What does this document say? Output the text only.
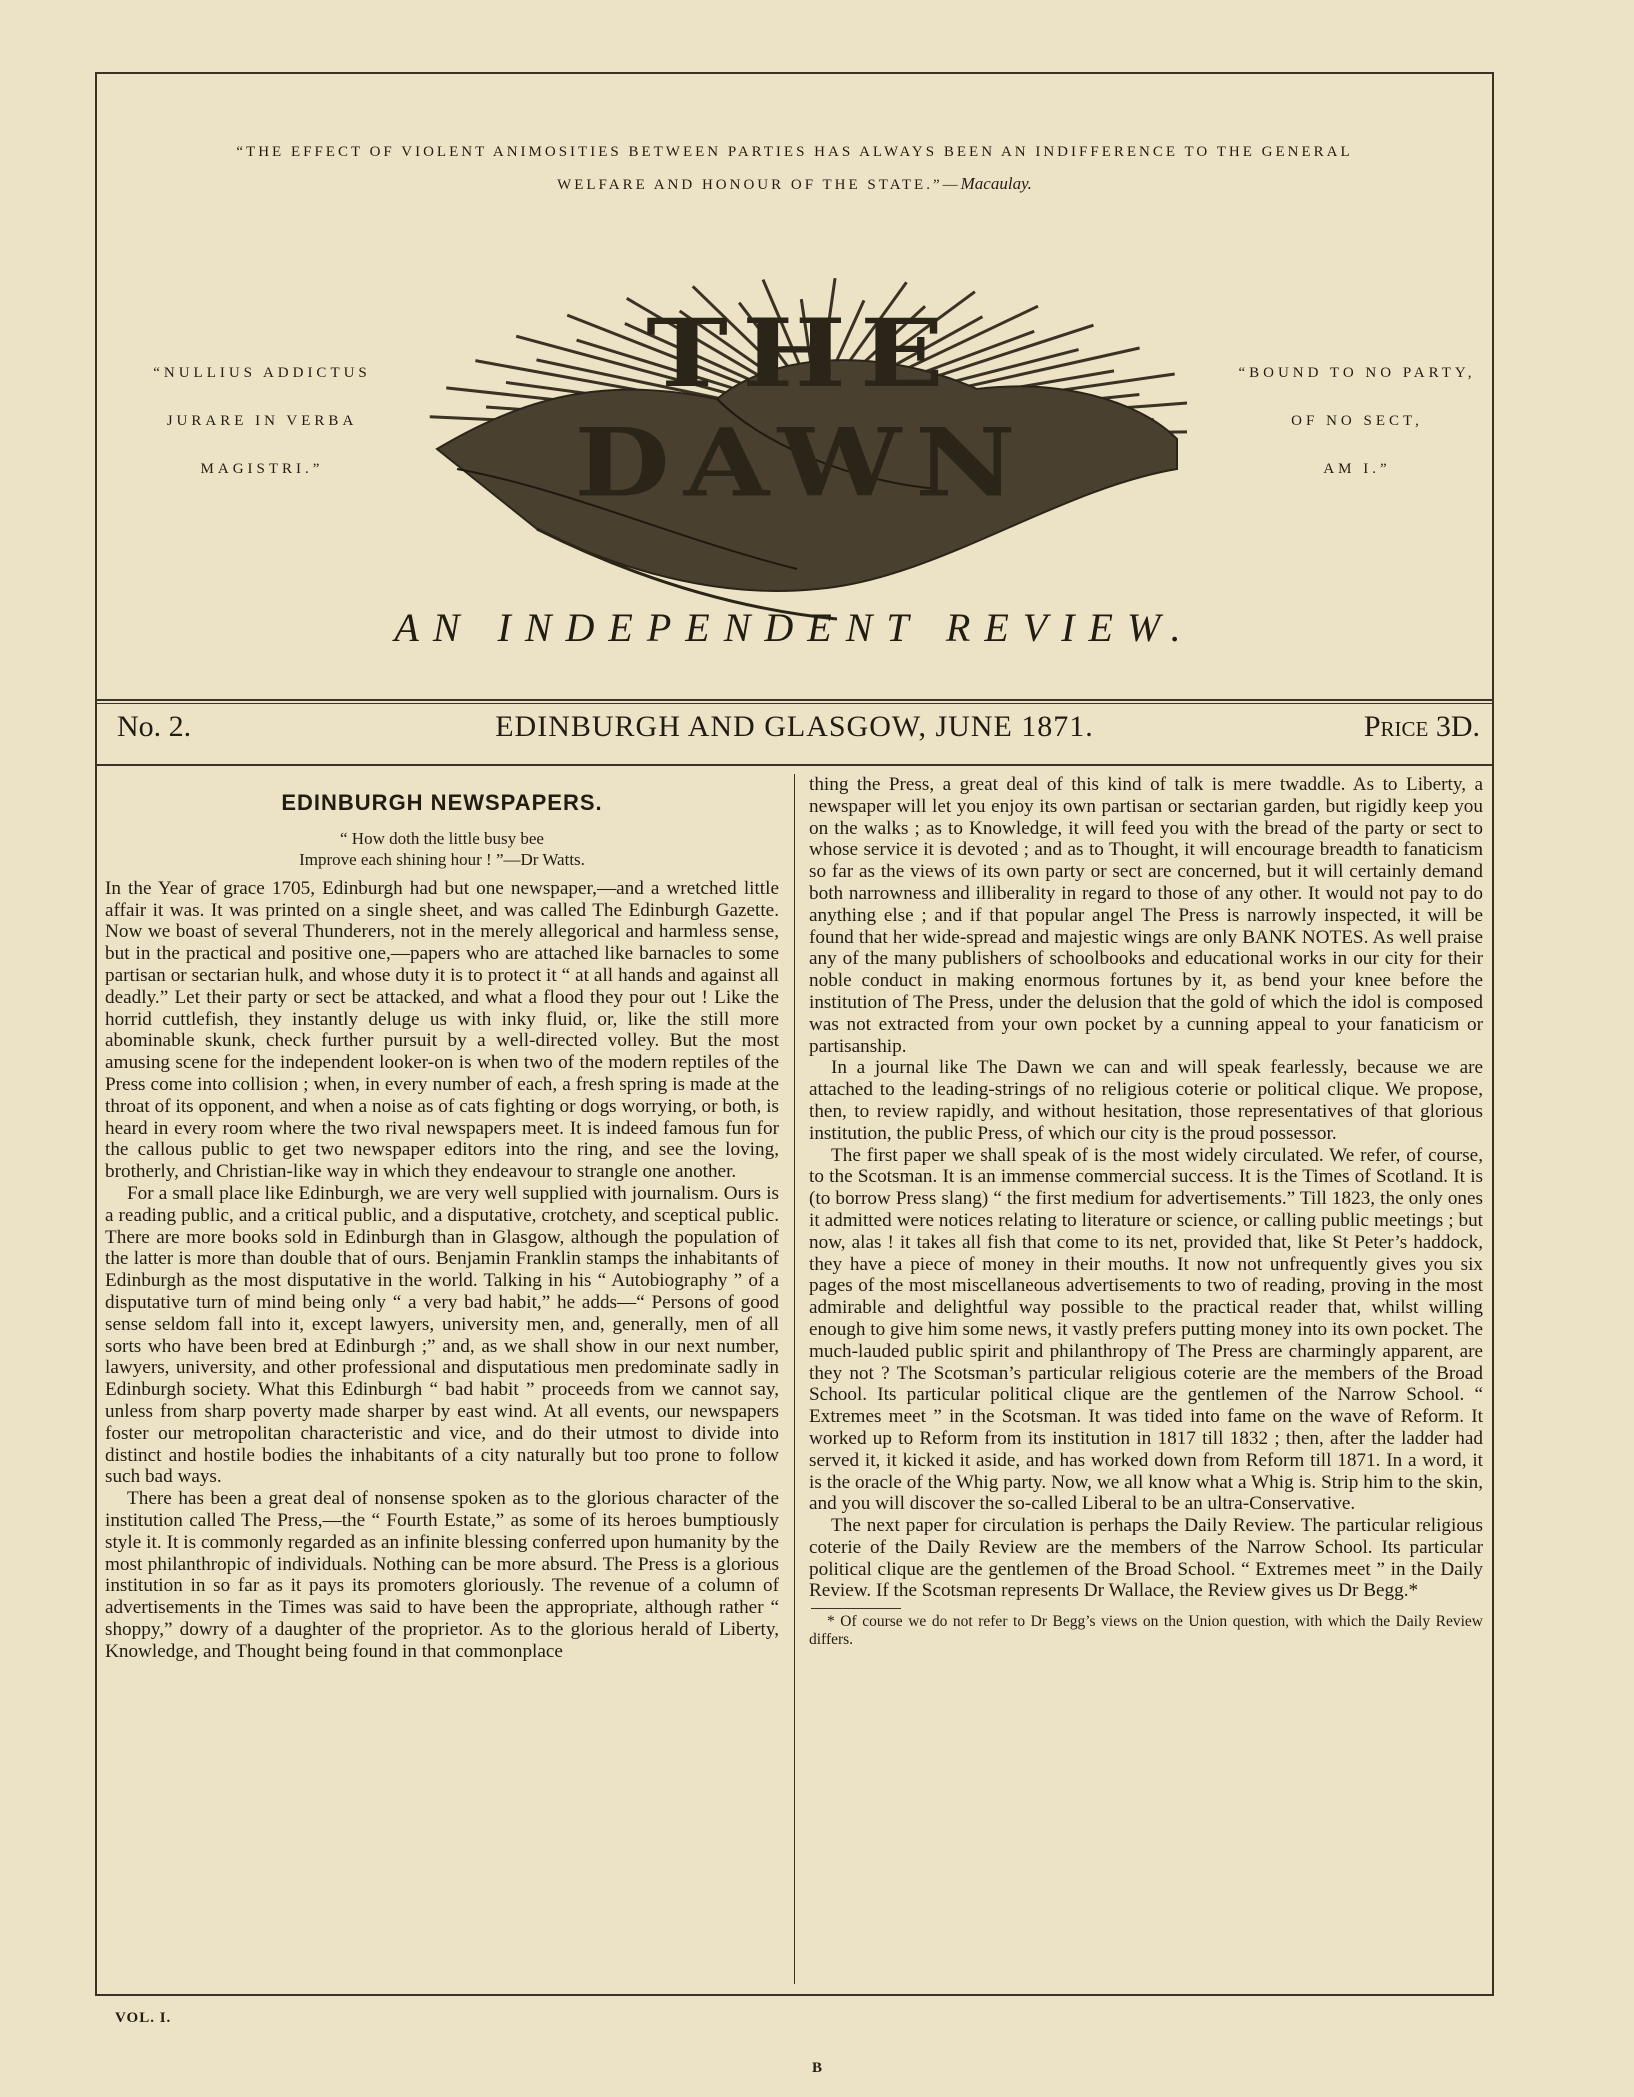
“THE EFFECT OF VIOLENT ANIMOSITIES BETWEEN PARTIES HAS ALWAYS BEEN AN INDIFFERENCE TO THE GENERAL
WELFARE AND HONOUR OF THE STATE.”—Macaulay.
“NULLIUS ADDICTUS
JURARE IN VERBA
MAGISTRI.”
THE DAWN
“BOUND TO NO PARTY,
OF NO SECT,
AM I.”
AN INDEPENDENT REVIEW.
No. 2.	EDINBURGH AND GLASGOW, JUNE 1871.	Price 3D.
EDINBURGH NEWSPAPERS.
“ How doth the little busy bee
Improve each shining hour ! ”—Dr Watts.

In the Year of grace 1705, Edinburgh had but one newspaper,—and a wretched little affair it was. It was printed on a single sheet, and was called The Edinburgh Gazette. Now we boast of several Thunderers, not in the merely allegorical and harmless sense, but in the practical and positive one,—papers who are attached like barnacles to some partisan or sectarian hulk, and whose duty it is to protect it “ at all hands and against all deadly.” Let their party or sect be attacked, and what a flood they pour out ! Like the horrid cuttlefish, they instantly deluge us with inky fluid, or, like the still more abominable skunk, check further pursuit by a well-directed volley. But the most amusing scene for the independent looker-on is when two of the modern reptiles of the Press come into collision ; when, in every number of each, a fresh spring is made at the throat of its opponent, and when a noise as of cats fighting or dogs worrying, or both, is heard in every room where the two rival newspapers meet. It is indeed famous fun for the callous public to get two newspaper editors into the ring, and see the loving, brotherly, and Christian-like way in which they endeavour to strangle one another.

For a small place like Edinburgh, we are very well supplied with journalism. Ours is a reading public, and a critical public, and a disputative, crotchety, and sceptical public. There are more books sold in Edinburgh than in Glasgow, although the population of the latter is more than double that of ours. Benjamin Franklin stamps the inhabitants of Edinburgh as the most disputative in the world. Talking in his “ Autobiography ” of a disputative turn of mind being only “ a very bad habit,” he adds—“ Persons of good sense seldom fall into it, except lawyers, university men, and, generally, men of all sorts who have been bred at Edinburgh ;” and, as we shall show in our next number, lawyers, university, and other professional and disputatious men predominate sadly in Edinburgh society. What this Edinburgh “ bad habit ” proceeds from we cannot say, unless from sharp poverty made sharper by east wind. At all events, our newspapers foster our metropolitan characteristic and vice, and do their utmost to divide into distinct and hostile bodies the inhabitants of a city naturally but too prone to follow such bad ways.

There has been a great deal of nonsense spoken as to the glorious character of the institution called The Press,—the “ Fourth Estate,” as some of its heroes bumptiously style it. It is commonly regarded as an infinite blessing conferred upon humanity by the most philanthropic of individuals. Nothing can be more absurd. The Press is a glorious institution in so far as it pays its promoters gloriously. The revenue of a column of advertisements in the Times was said to have been the appropriate, although rather “ shoppy,” dowry of a daughter of the proprietor. As to the glorious herald of Liberty, Knowledge, and Thought being found in that commonplace

thing the Press, a great deal of this kind of talk is mere twaddle. As to Liberty, a newspaper will let you enjoy its own partisan or sectarian garden, but rigidly keep you on the walks ; as to Knowledge, it will feed you with the bread of the party or sect to whose service it is devoted ; and as to Thought, it will encourage breadth to fanaticism so far as the views of its own party or sect are concerned, but it will certainly demand both narrowness and illiberality in regard to those of any other. It would not pay to do anything else ; and if that popular angel The Press is narrowly inspected, it will be found that her wide-spread and majestic wings are only BANK NOTES. As well praise any of the many publishers of schoolbooks and educational works in our city for their noble conduct in making enormous fortunes by it, as bend your knee before the institution of The Press, under the delusion that the gold of which the idol is composed was not extracted from your own pocket by a cunning appeal to your fanaticism or partisanship.

In a journal like The Dawn we can and will speak fearlessly, because we are attached to the leading-strings of no religious coterie or political clique. We propose, then, to review rapidly, and without hesitation, those representatives of that glorious institution, the public Press, of which our city is the proud possessor.

The first paper we shall speak of is the most widely circulated. We refer, of course, to the Scotsman. It is an immense commercial success. It is the Times of Scotland. It is (to borrow Press slang) “ the first medium for advertisements.” Till 1823, the only ones it admitted were notices relating to literature or science, or calling public meetings ; but now, alas ! it takes all fish that come to its net, provided that, like St Peter’s haddock, they have a piece of money in their mouths. It now not unfrequently gives you six pages of the most miscellaneous advertisements to two of reading, proving in the most admirable and delightful way possible to the practical reader that, whilst willing enough to give him some news, it vastly prefers putting money into its own pocket. The much-lauded public spirit and philanthropy of The Press are charmingly apparent, are they not ? The Scotsman’s particular religious coterie are the members of the Broad School. Its particular political clique are the gentlemen of the Narrow School. “ Extremes meet ” in the Scotsman. It was tided into fame on the wave of Reform. It worked up to Reform from its institution in 1817 till 1832 ; then, after the ladder had served it, it kicked it aside, and has worked down from Reform till 1871. In a word, it is the oracle of the Whig party. Now, we all know what a Whig is. Strip him to the skin, and you will discover the so-called Liberal to be an ultra-Conservative.

The next paper for circulation is perhaps the Daily Review. The particular religious coterie of the Daily Review are the members of the Narrow School. Its particular political clique are the gentlemen of the Broad School. “ Extremes meet ” in the Daily Review. If the Scotsman represents Dr Wallace, the Review gives us Dr Begg.*

* Of course we do not refer to Dr Begg’s views on the Union question, with which the Daily Review differs.
VOL. I.
B
